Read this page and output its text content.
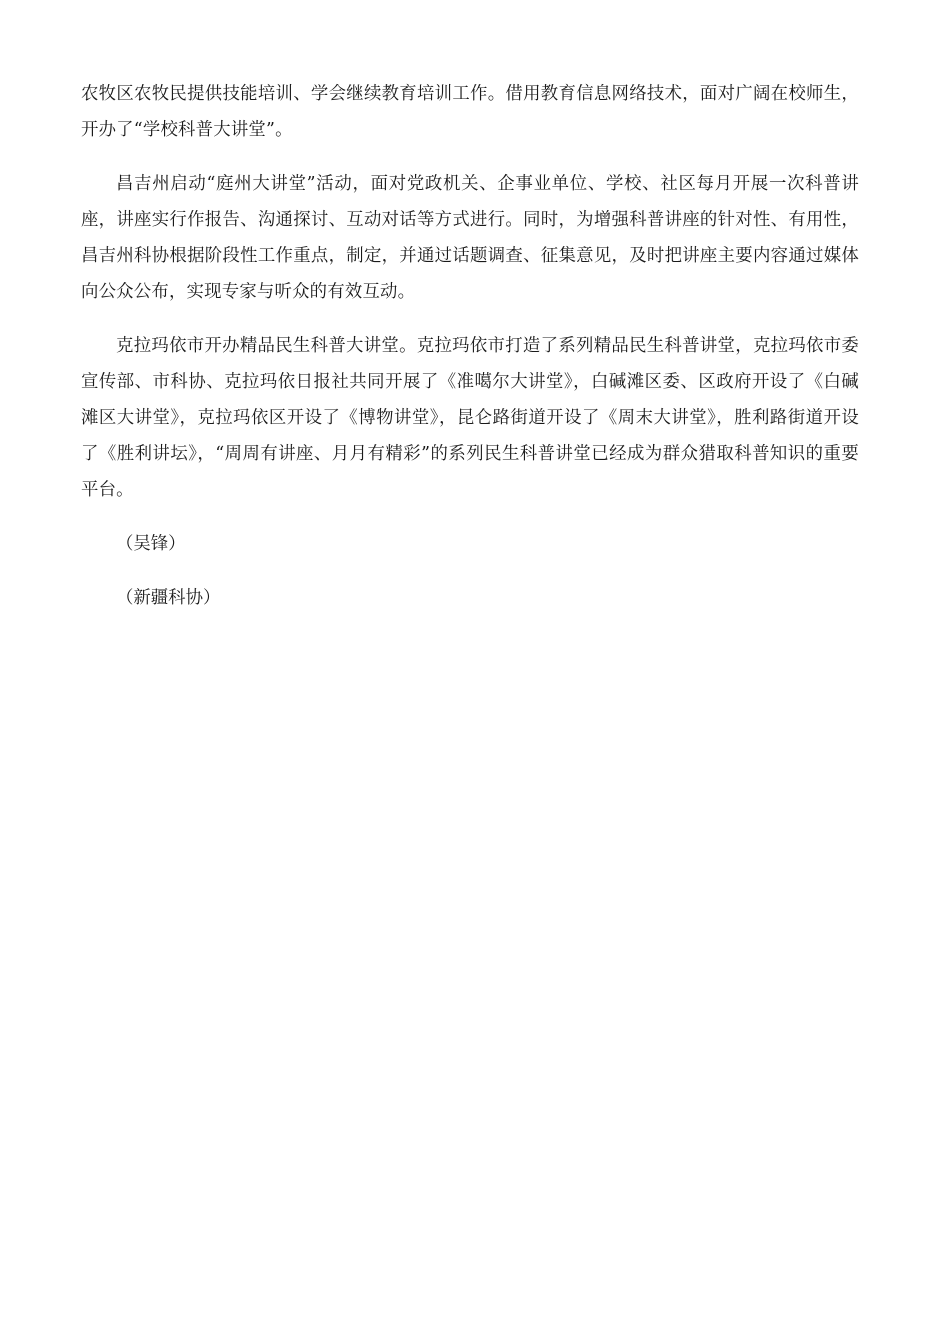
农牧区农牧民提供技能培训、学会继续教育培训工作。借用教育信息网络技术，面对广阔在校师生，开办了“学校科普大讲堂”。

昌吉州启动“庭州大讲堂”活动，面对党政机关、企事业单位、学校、社区每月开展一次科普讲座，讲座实行作报告、沟通探讨、互动对话等方式进行。同时，为增强科普讲座的针对性、有用性，昌吉州科协根据阶段性工作重点，制定，并通过话题调查、征集意见，及时把讲座主要内容通过媒体向公众公布，实现专家与听众的有效互动。

克拉玛依市开办精品民生科普大讲堂。克拉玛依市打造了系列精品民生科普讲堂，克拉玛依市委宣传部、市科协、克拉玛依日报社共同开展了《准噶尔大讲堂》，白碱滩区委、区政府开设了《白碱滩区大讲堂》，克拉玛依区开设了《博物讲堂》，昆仑路街道开设了《周末大讲堂》，胜利路街道开设了《胜利讲坛》，“周周有讲座、月月有精彩”的系列民生科普讲堂已经成为群众猎取科普知识的重要平台。

（吴锋）

（新疆科协）
